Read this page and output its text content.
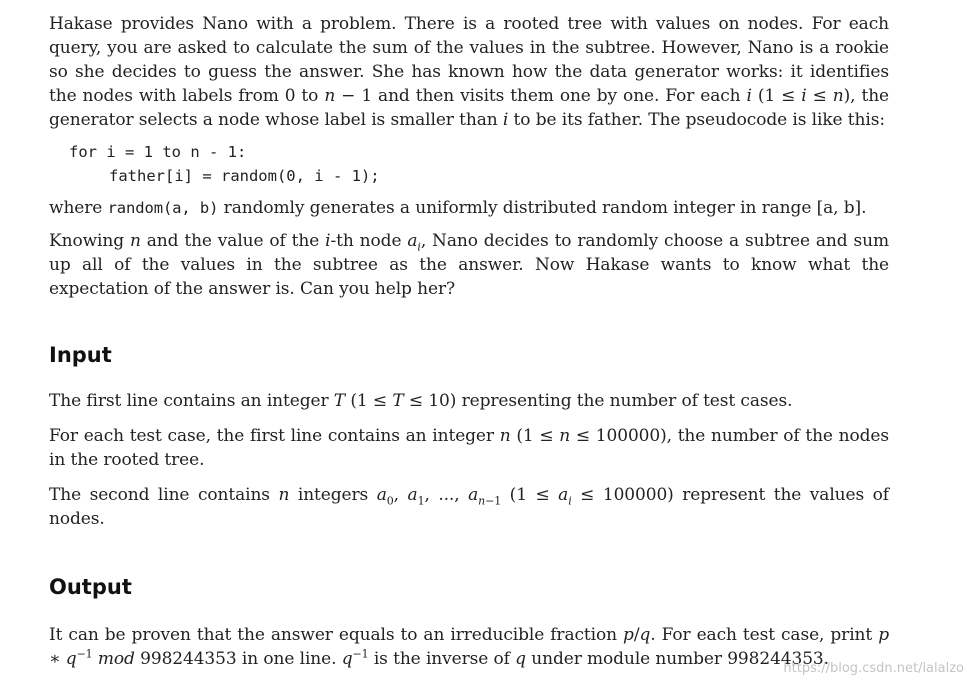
Hakase provides Nano with a problem. There is a rooted tree with values on nodes. For each query, you are asked to calculate the sum of the values in the subtree. However, Nano is a rookie so she decides to guess the answer. She has known how the data generator works: it identifies the nodes with labels from 0 to n − 1 and then visits them one by one. For each i (1 ≤ i ≤ n), the generator selects a node whose label is smaller than i to be its father. The pseudocode is like this:

for i = 1 to n - 1:
father[i] = random(0, i - 1);

where random(a, b) randomly generates a uniformly distributed random integer in range [a, b].

Knowing n and the value of the i-th node $a_i$, Nano decides to randomly choose a subtree and sum up all of the values in the subtree as the answer. Now Hakase wants to know what the expectation of the answer is. Can you help her?

Input

The first line contains an integer T (1 ≤ T ≤ 10) representing the number of test cases.

For each test case, the first line contains an integer n (1 ≤ n ≤ 100000), the number of the nodes in the rooted tree.

The second line contains n integers $a_0$, $a_1$, ..., $a_{n-1}$ $(1 \le a_i \le 100000)$ represent the values of nodes.

Output

It can be proven that the answer equals to an irreducible fraction p/q. For each test case, print p ∗ $q^{-1}$ mod 998244353 in one line. $q^{-1}$ is the inverse of q under module number 998244353.

https://blog.csdn.net/lalalzo
